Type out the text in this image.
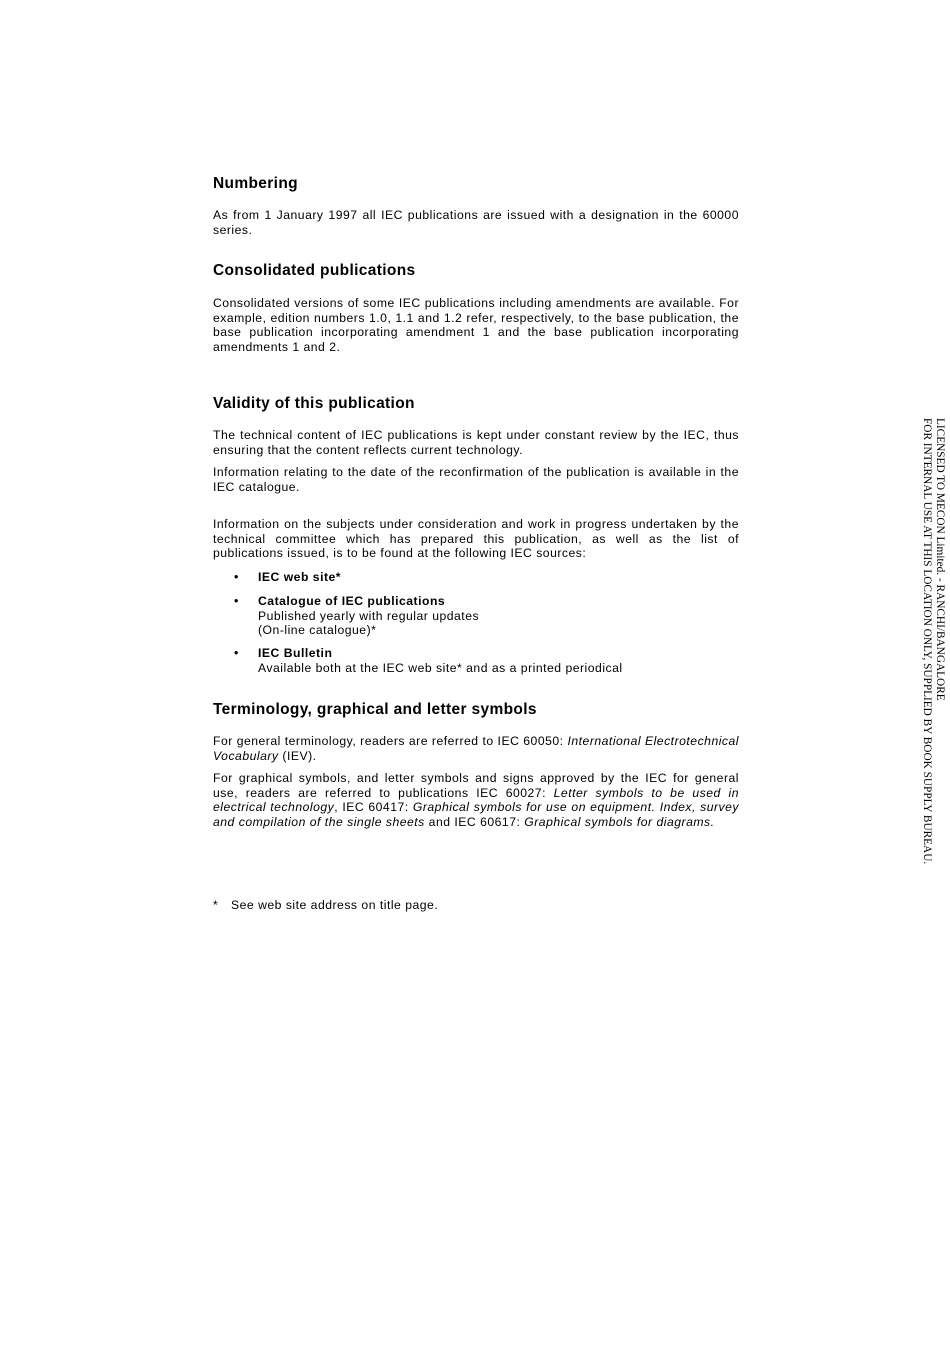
Numbering

As from 1 January 1997 all IEC publications are issued with a designation in the 60000 series.

Consolidated publications

Consolidated versions of some IEC publications including amendments are available. For example, edition numbers 1.0, 1.1 and 1.2 refer, respectively, to the base publication, the base publication incorporating amendment 1 and the base publication incorporating amendments 1 and 2.

Validity of this publication

The technical content of IEC publications is kept under constant review by the IEC, thus ensuring that the content reflects current technology.

Information relating to the date of the reconfirmation of the publication is available in the IEC catalogue.

Information on the subjects under consideration and work in progress undertaken by the technical committee which has prepared this publication, as well as the list of publications issued, is to be found at the following IEC sources:

• IEC web site*
• Catalogue of IEC publications
Published yearly with regular updates
(On-line catalogue)*
• IEC Bulletin
Available both at the IEC web site* and as a printed periodical
Terminology, graphical and letter symbols

For general terminology, readers are referred to IEC 60050: International Electrotechnical Vocabulary (IEV).

For graphical symbols, and letter symbols and signs approved by the IEC for general use, readers are referred to publications IEC 60027: Letter symbols to be used in electrical technology, IEC 60417: Graphical symbols for use on equipment. Index, survey and compilation of the single sheets and IEC 60617: Graphical symbols for diagrams.

* See web site address on title page.
LICENSED TO MECON Limited. - RANCHI/BANGALORE
FOR INTERNAL USE AT THIS LOCATION ONLY, SUPPLIED BY BOOK SUPPLY BUREAU.
